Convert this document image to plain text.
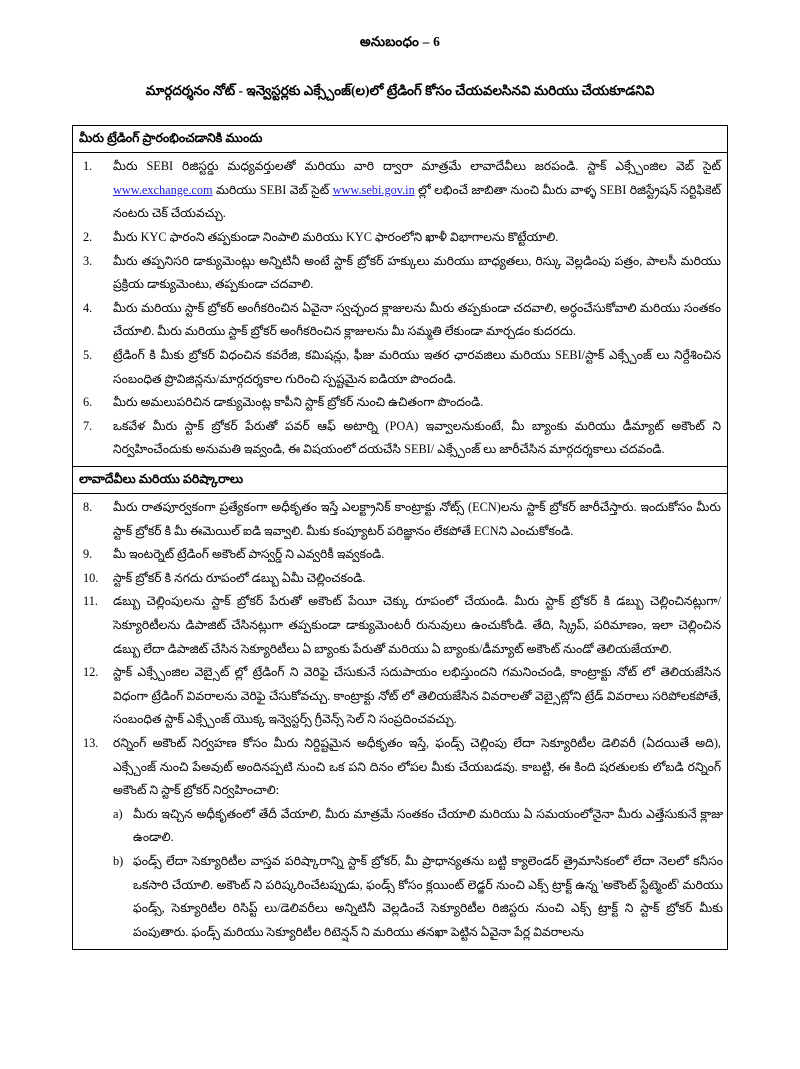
అనుబంధం – 6
మార్గదర్శనం నోట్ - ఇన్వెస్టర్లకు ఎక్స్చేంజ్(ల)లో ట్రేడింగ్ కోసం చేయవలసినవి మరియు చేయకూడనివి
మీరు ట్రేడింగ్ ప్రారంభించడానికి ముందు
1.	మీరు SEBI రిజిస్టర్డు మధ్యవర్తులతో మరియు వారి ద్వారా మాత్రమే లావాదేవీలు జరపండి. స్టాక్ ఎక్స్చేంజిల వెబ్ సైట్ www.exchange.com మరియు SEBI వెబ్ సైట్ www.sebi.gov.in ల్లో లభించే జాబితా నుంచి మీరు వాళ్ళ SEBI రిజిస్ట్రేషన్ సర్టిఫికెట్ నంటరు చెక్ చేయవచ్చు.
2.	మీరు KYC ఫారంని తప్పకుండా నింపాలి మరియు KYC ఫారంలోని ఖాళీ విభాగాలను కొట్టేయాలి.
3.	మీరు తప్పనిసరి డాక్యుమెంట్లు అన్నిటినీ అంటే స్టాక్ బ్రోకర్ హక్కులు మరియు బాధ్యతలు, రిస్కు వెల్లడింపు పత్రం, పాలసీ మరియు ప్రక్రియ డాక్యుమెంటు, తప్పకుండా చదవాలి.
4.	మీరు మరియు స్టాక్ బ్రోకర్ అంగీకరించిన ఏవైనా స్వచ్ఛంద క్లాజులను మీరు తప్పకుండా చదవాలి, అర్ధంచేసుకోవాలి మరియు సంతకం చేయాలి. మీరు మరియు స్టాక్ బ్రోకర్ అంగీకరించిన క్లాజులను మీ సమ్మతి లేకుండా మార్చడం కుదరదు.
5.	ట్రేడింగ్ కి మీకు బ్రోకర్ విధంచిన కవరేజి, కమిషన్లు, ఫీజు మరియు ఇతర ఛారవజిలు మరియు SEBI/స్టాక్ ఎక్స్చేంజ్ లు నిర్దేశించిన సంబంధిత ప్రొవిజిన్లను/మార్గదర్శకాల గురించి స్పష్టమైన ఐడియా పొందండి.
6.	మీరు అమలుపరిచిన డాక్యుమెంట్ల కాపీని స్టాక్ బ్రోకర్ నుంచి ఉచితంగా పొందండి.
7.	ఒకవేళ మీరు స్టాక్ బ్రోకర్ పేరుతో పవర్ ఆఫ్ అటార్ని (POA) ఇవ్వాలనుకుంటే, మీ బ్యాంకు మరియు డీమ్యాట్ అకౌంట్ ని నిర్వహించేందుకు అనుమతి ఇవ్వండి, ఈ విషయంలో దయచేసి SEBI/ ఎక్స్చేంజ్ లు జారీచేసిన మార్గదర్శకాలు చదవండి.
లావాదేవీలు మరియు పరిష్కారాలు
8.	మీరు రాతపూర్వకంగా ప్రత్యేకంగా అధీకృతం ఇస్తే ఎలక్ట్రానిక్ కాంట్రాక్టు నోట్స్ (ECN)లను స్టాక్ బ్రోకర్ జారీచేస్తారు. ఇందుకోసం మీరు స్టాక్ బ్రోకర్ కి మీ ఈమెయిల్ ఐడి ఇవ్వాలి. మీకు కంప్యూటర్ పరిజ్ఞానం లేకపోతే ECNని ఎంచుకోకండి.
9.	మీ ఇంటర్నెట్ ట్రేడింగ్ అకౌంట్ పాస్వర్డ్ ని ఎవ్వరికీ ఇవ్వకండి.
10.	స్టాక్ బ్రోకర్ కి నగదు రూపంలో డబ్బు ఏమీ చెల్లించకండి.
11.	డబ్బు చెల్లింపులను స్టాక్ బ్రోకర్ పేరుతో అకౌంట్ పేయీ చెక్కు రూపంలో చేయండి. మీరు స్టాక్ బ్రోకర్ కి డబ్బు చెల్లించినట్లుగా/సెక్యూరిటీలను డిపాజిట్ చేసినట్లుగా తప్పకుండా డాక్యుమెంటరీ రునువులు ఉంచుకోండి. తేది, స్క్రిప్, పరిమాణం, ఇలా చెల్లించిన డబ్బు లేదా డిపాజిట్ చేసిన సెక్యూరిటీలు ఏ బ్యాంకు పేరుతో మరియు ఏ బ్యాంకు/డీమ్యాట్ అకౌంట్ నుండో తెలియజేయాలి.
12.	స్టాక్ ఎక్స్చేంజిల వెబ్సైట్ ల్లో ట్రేడింగ్ ని వెరిఫై చేసుకునే సదుపాయం లభిస్తుందని గమనించండి, కాంట్రాక్టు నోట్ లో తెలియజేసిన విధంగా ట్రేడింగ్ వివరాలను వెరిఫై చేసుకోవచ్చు. కాంట్రాక్టు నోట్ లో తెలియజేసిన వివరాలతో వెబ్సైట్లోని ట్రేడ్ వివరాలు సరిపోలకపోతే, సంబంధిత స్టాక్ ఎక్స్చేంజ్ యొక్క ఇన్వెస్టర్స్ గ్రీవెన్స్ సెల్ ని సంప్రదించవచ్చు.
13.	రన్నింగ్ అకౌంట్ నిర్వహణ కోసం మీరు నిర్దిష్టమైన అధీకృతం ఇస్తే, ఫండ్స్ చెల్లింపు లేదా సెక్యూరిటీల డెలివరీ (ఏదయితే అది), ఎక్స్చేంజ్ నుంచి పేఅవుట్ అందినప్పటి నుంచి ఒక పని దినం లోపల మీకు చేయబడవు. కాబట్టి, ఈ కింది షరతులకు లోబడి రన్నింగ్ అకౌంట్ ని స్టాక్ బ్రోకర్ నిర్వహించాలి:
a) మీరు ఇచ్చిన అధీకృతంలో తేదీ వేయాలి, మీరు మాత్రమే సంతకం చేయాలి మరియు ఏ సమయంలోనైనా మీరు ఎత్తేసుకునే క్లాజు ఉండాలి.
b) ఫండ్స్ లేదా సెక్యూరిటీల వాస్తవ పరిష్కారాన్ని స్టాక్ బ్రోకర్, మీ ప్రాధాన్యతను బట్టి క్యాలెండర్ త్రైమాసికంలో లేదా నెలలో కనీసం ఒకసారి చేయాలి. అకౌంట్ ని పరిష్కరించేటప్పుడు, ఫండ్స్ కోసం క్లయింట్ లెడ్జర్ నుంచి ఎక్స్ ట్రాక్ట్ ఉన్న 'అకౌంట్ స్టేట్మెంట్' మరియు ఫండ్స్, సెక్యూరిటీల రిసిప్ట్ లు/డెలివరీలు అన్నిటినీ వెల్లడించే సెక్యూరిటీల రిజిస్టరు నుంచి ఎక్స్ ట్రాక్ట్ ని స్టాక్ బ్రోకర్ మీకు పంపుతారు. ఫండ్స్ మరియు సెక్యూరిటీల రిటెన్షన్ ని మరియు తనఖా పెట్టిన ఏవైనా పేర్ల వివరాలను
